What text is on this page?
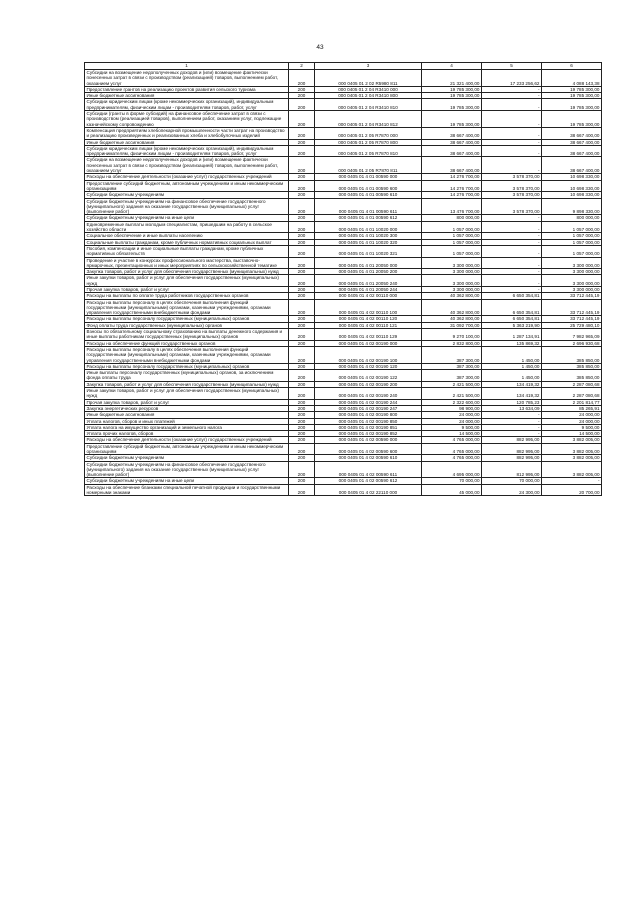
43
1	2	3	4	5	6
Субсидии на возмещение недополученных доходов и (или) возмещение фактически понесенных затрат в связи с производством (реализацией) товаров, выполнением работ, оказанием услуг	200	000 0405 01 2 02 R5980 811	21 321 400,00	17 233 256,62	4 088 143,38
Предоставление грантов на реализацию проектов развития сельского туризма	200	000 0405 01 2 04 R3410 000	19 785 300,00	-	19 785 300,00
Иные бюджетные ассигнования	200	000 0405 01 2 04 R3410 800	19 785 300,00	-	19 785 300,00
Субсидии юридическим лицам (кроме некоммерческих организаций), индивидуальным предпринимателям, физическим лицам - производителям товаров, работ, услуг	200	000 0405 01 2 04 R3410 810	19 785 300,00	-	19 785 300,00
Субсидии (гранты в форме субсидий) на финансовое обеспечение затрат в связи с производством (реализацией товаров), выполнением работ, оказанием услуг, подлежащие казначейскому сопровождению	200	000 0405 01 2 04 R3410 812	19 785 300,00	-	19 785 300,00
Компенсация предприятиям хлебопекарной промышленности части затрат на производство и реализацию произведенных и реализованных хлеба и хлебобулочных изделий	200	000 0405 01 2 05 R7870 000	38 667 400,00	-	38 667 400,00
Иные бюджетные ассигнования	200	000 0405 01 2 05 R7870 800	38 667 400,00	-	38 667 400,00
Субсидии юридическим лицам (кроме некоммерческих организаций), индивидуальным предпринимателям, физическим лицам - производителям товаров, работ, услуг	200	000 0405 01 2 05 R7870 810	38 667 400,00	-	38 667 400,00
Субсидии на возмещение недополученных доходов и (или) возмещение фактически понесенных затрат в связи с производством (реализацией) товаров, выполнением работ, оказанием услуг	200	000 0405 01 2 05 R7870 811	38 667 400,00	-	38 667 400,00
Расходы на обеспечение деятельности (оказание услуг) государственных учреждений	200	000 0405 01 4 01 00590 000	14 276 700,00	3 578 370,00	10 698 330,00
Предоставление субсидий бюджетным, автономным учреждениям и иным некоммерческим организациям	200	000 0405 01 4 01 00590 600	14 276 700,00	3 578 370,00	10 698 330,00
Субсидии бюджетным учреждениям	200	000 0405 01 4 01 00590 610	14 276 700,00	3 578 370,00	10 698 330,00
Субсидии бюджетным учреждениям на финансовое обеспечение государственного (муниципального) задания на оказание государственных (муниципальных) услуг (выполнение работ)	200	000 0405 01 4 01 00590 611	13 476 700,00	3 578 370,00	9 898 330,00
Субсидии бюджетным учреждениям на иные цели	200	000 0405 01 4 01 00590 612	800 000,00	-	800 000,00
Единовременные выплаты молодым специалистам, пришедшим на работу в сельское хозяйство области	200	000 0405 01 4 01 10020 000	1 057 000,00	-	1 057 000,00
Социальное обеспечение и иные выплаты населению	200	000 0405 01 4 01 10020 300	1 057 000,00	-	1 057 000,00
Социальные выплаты гражданам, кроме публичных нормативных социальных выплат	200	000 0405 01 4 01 10020 320	1 057 000,00	-	1 057 000,00
Пособия, компенсации и иные социальные выплаты гражданам, кроме публичных нормативных обязательств	200	000 0405 01 4 01 10020 321	1 057 000,00	-	1 057 000,00
Проведение и участие в конкурсах профессионального мастерства, выставочно-ярмарочных, презентационных и иных мероприятиях по сельскохозяйственной тематике	200	000 0405 01 4 01 20050 000	3 300 000,00	-	3 300 000,00
Закупка товаров, работ и услуг для обеспечения государственных (муниципальных) нужд	200	000 0405 01 4 01 20050 200	3 300 000,00	-	3 300 000,00
Иные закупки товаров, работ и услуг для обеспечения государственных (муниципальных) нужд	200	000 0405 01 4 01 20050 240	3 300 000,00	-	3 300 000,00
Прочая закупка товаров, работ и услуг	200	000 0405 01 4 01 20050 244	3 300 000,00	-	3 300 000,00
Расходы на выплаты по оплате труда работников государственных органов	200	000 0405 01 4 02 00110 000	40 362 800,00	6 650 354,81	33 712 445,19
Расходы на выплаты персоналу в целях обеспечения выполнения функций государственными (муниципальными) органами, казенными учреждениями, органами управления государственными внебюджетными фондами	200	000 0405 01 4 02 00110 100	40 362 800,00	6 650 354,81	33 712 445,19
Расходы на выплаты персоналу государственных (муниципальных) органов	200	000 0405 01 4 02 00110 120	40 362 800,00	6 650 354,81	33 712 445,19
Фонд оплаты труда государственных (муниципальных) органов	200	000 0405 01 4 02 00110 121	31 092 700,00	5 363 219,90	25 729 480,10
Взносы по обязательному социальному страхованию на выплаты денежного содержания и иные выплаты работникам государственных (муниципальных) органов	200	000 0405 01 4 02 00110 129	9 270 100,00	1 287 134,91	7 982 965,09
Расходы на обеспечение функций государственных органов	200	000 0405 01 4 02 00190 000	2 832 800,00	135 869,32	2 696 930,68
Расходы на выплаты персоналу в целях обеспечения выполнения функций государственными (муниципальными) органами, казенными учреждениями, органами управления государственными внебюджетными фондами	200	000 0405 01 4 02 00190 100	387 300,00	1 450,00	385 850,00
Расходы на выплаты персоналу государственных (муниципальных) органов	200	000 0405 01 4 02 00190 120	387 300,00	1 450,00	385 850,00
Иные выплаты персоналу государственных (муниципальных) органов, за исключением фонда оплаты труда	200	000 0405 01 4 02 00190 122	387 300,00	1 450,00	385 850,00
Закупка товаров, работ и услуг для обеспечения государственных (муниципальных) нужд	200	000 0405 01 4 02 00190 200	2 421 500,00	134 419,32	2 287 080,68
Иные закупки товаров, работ и услуг для обеспечения государственных (муниципальных) нужд	200	000 0405 01 4 02 00190 240	2 421 500,00	134 419,32	2 287 080,68
Прочая закупка товаров, работ и услуг	200	000 0405 01 4 02 00190 244	2 322 600,00	120 785,23	2 201 814,77
Закупка энергетических ресурсов	200	000 0405 01 4 02 00190 247	98 900,00	13 634,09	85 265,91
Иные бюджетные ассигнования	200	000 0405 01 4 02 00190 800	24 000,00	-	24 000,00
Уплата налогов, сборов и иных платежей	200	000 0405 01 4 02 00190 850	24 000,00	-	24 000,00
Уплата налога на имущество организаций и земельного налога	200	000 0405 01 4 02 00190 851	9 500,00	-	9 500,00
Уплата прочих налогов, сборов	200	000 0405 01 4 02 00190 852	14 500,00	-	14 500,00
Расходы на обеспечение деятельности (оказание услуг) государственных учреждений	200	000 0405 01 4 02 00590 000	4 765 000,00	882 995,00	3 882 005,00
Предоставление субсидий бюджетным, автономным учреждениям и иным некоммерческим организациям	200	000 0405 01 4 02 00590 600	4 765 000,00	882 995,00	3 882 005,00
Субсидии бюджетным учреждениям	200	000 0405 01 4 02 00590 610	4 765 000,00	882 995,00	3 882 005,00
Субсидии бюджетным учреждениям на финансовое обеспечение государственного (муниципального) задания на оказание государственных (муниципальных) услуг (выполнение работ)	200	000 0405 01 4 02 00590 611	4 695 000,00	812 995,00	3 882 005,00
Субсидии бюджетным учреждениям на иные цели	200	000 0405 01 4 02 00590 612	70 000,00	70 000,00	-
Расходы на обеспечение бланками специальной печатной продукции и государственными номерными знаками	200	000 0405 01 4 02 22110 000	45 000,00	24 300,00	20 700,00
